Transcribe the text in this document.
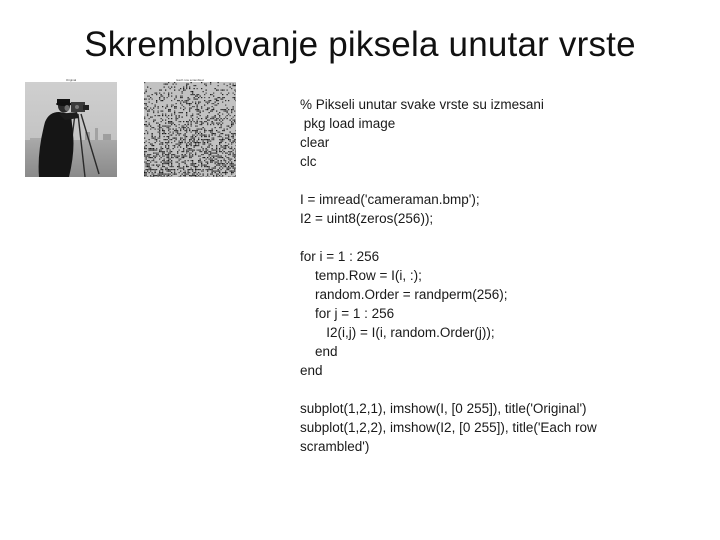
Skremblovanje piksela unutar vrste
Original	Each row scrambled
% Pikseli unutar svake vrste su izmesani
pkg load image
clear
clc
I = imread('cameraman.bmp');
I2 = uint8(zeros(256));
for i = 1 : 256
temp.Row = I(i, :);
random.Order = randperm(256);
for j = 1 : 256
I2(i,j) = I(i, random.Order(j));
end
end
subplot(1,2,1), imshow(I, [0 255]), title('Original')
subplot(1,2,2), imshow(I2, [0 255]), title('Each row
scrambled')
